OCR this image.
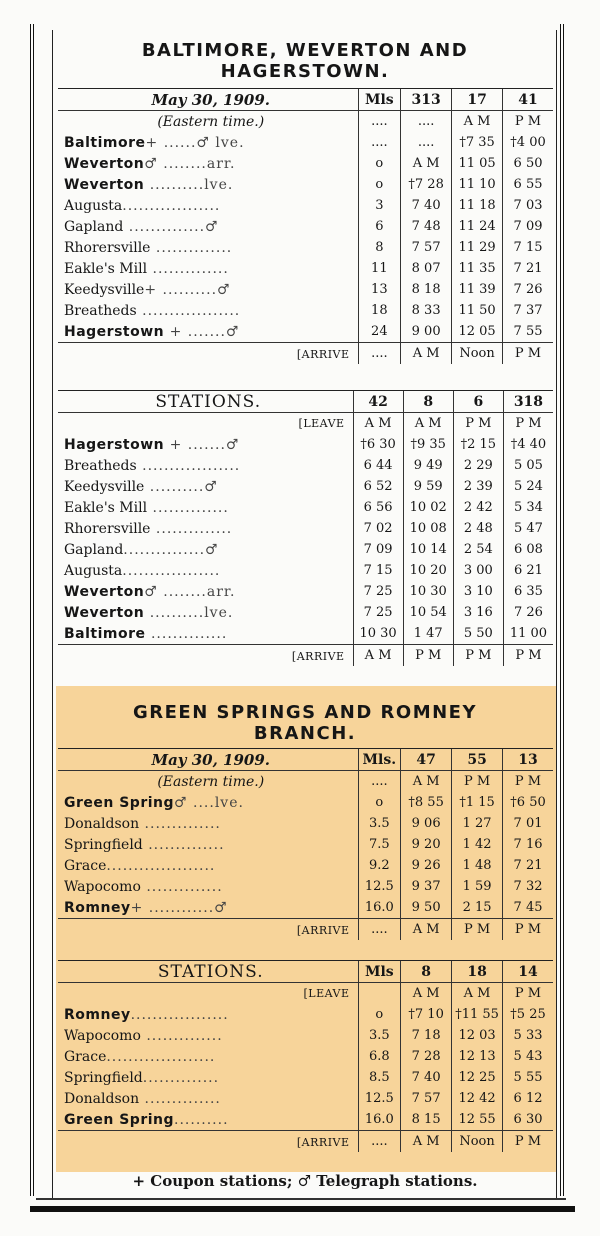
BALTIMORE, WEVERTON AND
HAGERSTOWN.
May 30, 1909.	Mls	313	17	41
(Eastern time.)	....	....	A M	P M
Baltimore+ ......♂ lve.	....	....	†7 35	†4 00
Weverton♂ ........arr.	o	A M	11 05	6 50
Weverton ..........lve.	o	†7 28	11 10	6 55
Augusta..................	3	7 40	11 18	7 03
Gapland ..............♂	6	7 48	11 24	7 09
Rhorersville ..............	8	7 57	11 29	7 15
Eakle's Mill ..............	11	8 07	11 35	7 21
Keedysville+ ..........♂	13	8 18	11 39	7 26
Breatheds ..................	18	8 33	11 50	7 37
Hagerstown + .......♂	24	9 00	12 05	7 55
[ARRIVE	....	A M	Noon	P M
STATIONS.	42	8	6	318
[LEAVE	A M	A M	P M	P M
Hagerstown + .......♂	†6 30	†9 35	†2 15	†4 40
Breatheds ..................	6 44	9 49	2 29	5 05
Keedysville ..........♂	6 52	9 59	2 39	5 24
Eakle's Mill ..............	6 56	10 02	2 42	5 34
Rhorersville ..............	7 02	10 08	2 48	5 47
Gapland...............♂	7 09	10 14	2 54	6 08
Augusta..................	7 15	10 20	3 00	6 21
Weverton♂ ........arr.	7 25	10 30	3 10	6 35
Weverton ..........lve.	7 25	10 54	3 16	7 26
Baltimore ..............	10 30	1 47	5 50	11 00
[ARRIVE	A M	P M	P M	P M
GREEN SPRINGS AND ROMNEY
BRANCH.
May 30, 1909.	Mls.	47	55	13
(Eastern time.)	....	A M	P M	P M
Green Spring♂ ....lve.	o	†8 55	†1 15	†6 50
Donaldson ..............	3.5	9 06	1 27	7 01
Springfield ..............	7.5	9 20	1 42	7 16
Grace....................	9.2	9 26	1 48	7 21
Wapocomo ..............	12.5	9 37	1 59	7 32
Romney+ ............♂	16.0	9 50	2 15	7 45
[ARRIVE	....	A M	P M	P M
STATIONS.	Mls	8	18	14
[LEAVE		A M	A M	P M
Romney..................	o	†7 10	†11 55	†5 25
Wapocomo ..............	3.5	7 18	12 03	5 33
Grace....................	6.8	7 28	12 13	5 43
Springfield..............	8.5	7 40	12 25	5 55
Donaldson ..............	12.5	7 57	12 42	6 12
Green Spring..........	16.0	8 15	12 55	6 30
[ARRIVE	....	A M	Noon	P M
+ Coupon stations; ♂ Telegraph stations.
